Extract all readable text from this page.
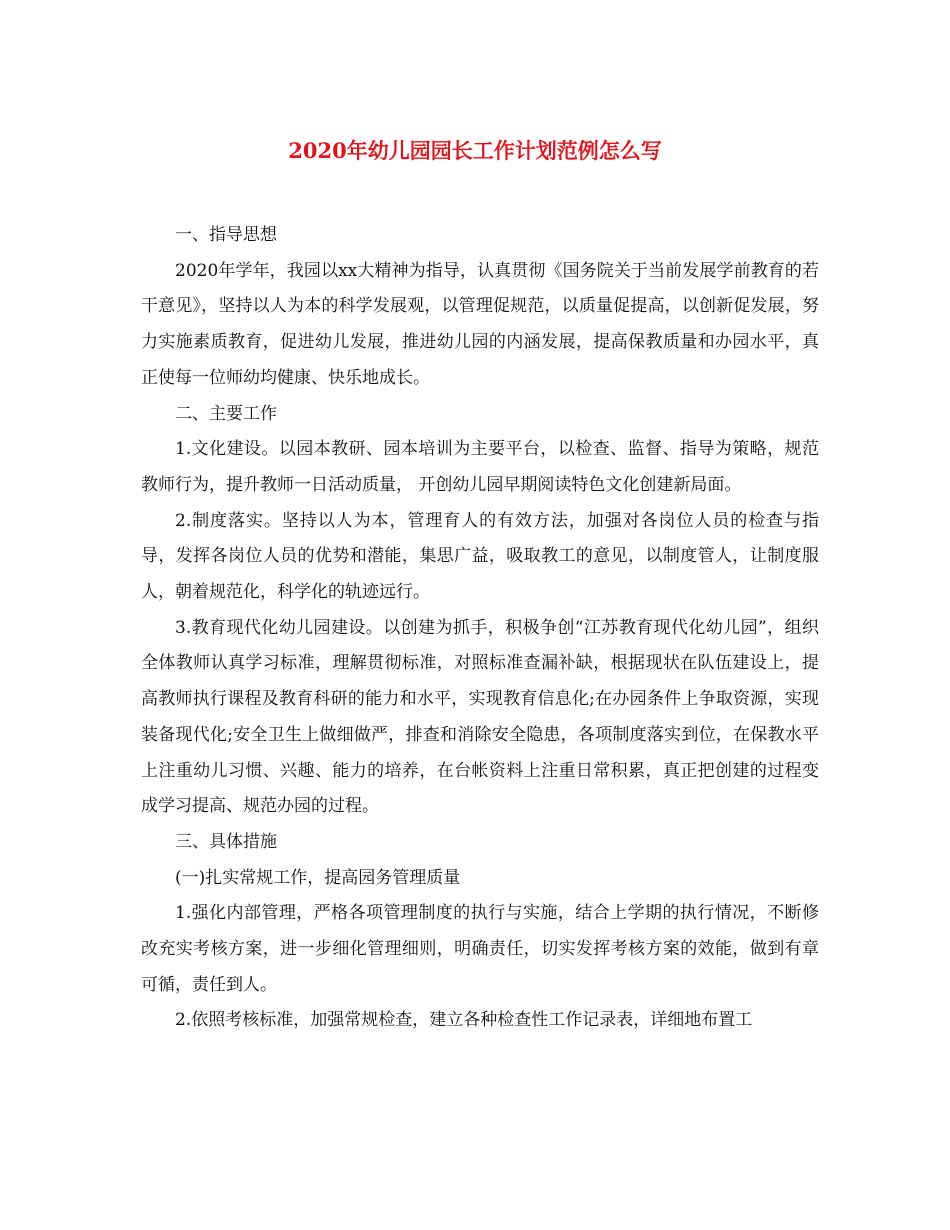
2020年幼儿园园长工作计划范例怎么写

一、指导思想

2020年学年，我园以xx大精神为指导，认真贯彻《国务院关于当前发展学前教育的若干意见》，坚持以人为本的科学发展观，以管理促规范，以质量促提高，以创新促发展，努力实施素质教育，促进幼儿发展，推进幼儿园的内涵发展，提高保教质量和办园水平，真正使每一位师幼均健康、快乐地成长。

二、主要工作

1.文化建设。以园本教研、园本培训为主要平台，以检查、监督、指导为策略，规范教师行为，提升教师一日活动质量， 开创幼儿园早期阅读特色文化创建新局面。

2.制度落实。坚持以人为本，管理育人的有效方法，加强对各岗位人员的检查与指导，发挥各岗位人员的优势和潜能，集思广益，吸取教工的意见，以制度管人，让制度服人，朝着规范化，科学化的轨迹远行。

3.教育现代化幼儿园建设。以创建为抓手，积极争创“江苏教育现代化幼儿园”，组织全体教师认真学习标准，理解贯彻标准，对照标准查漏补缺，根据现状在队伍建设上，提高教师执行课程及教育科研的能力和水平，实现教育信息化;在办园条件上争取资源，实现装备现代化;安全卫生上做细做严，排查和消除安全隐患，各项制度落实到位，在保教水平上注重幼儿习惯、兴趣、能力的培养，在台帐资料上注重日常积累，真正把创建的过程变成学习提高、规范办园的过程。

三、具体措施

(一)扎实常规工作，提高园务管理质量

1.强化内部管理，严格各项管理制度的执行与实施，结合上学期的执行情况，不断修改充实考核方案，进一步细化管理细则，明确责任，切实发挥考核方案的效能，做到有章可循，责任到人。

2.依照考核标准，加强常规检查，建立各种检查性工作记录表，详细地布置工
